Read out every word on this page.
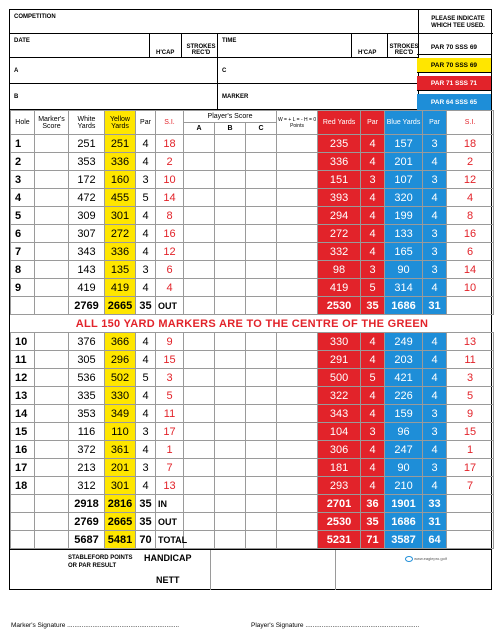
COMPETITION	PLEASE INDICATE WHICH TEE USED.
DATE
H'CAP
STROKES REC'D
TIME
H'CAP
STROKES REC'D
A	C
B	MARKER
PAR 70 SSS 69
PAR 70 SSS 69
PAR 71 SSS 71
PAR 64 SSS 65
Hole	Marker's Score	White Yards	Yellow Yards	Par	S.I.	Player's Score			W = + L = - H = 0 Points	Red Yards	Par	Blue Yards	Par	S.I.
						A	B	C						
1		251	251	4	18					235	4	157	3	18
2		353	336	4	2					336	4	201	4	2
3		172	160	3	10					151	3	107	3	12
4		472	455	5	14					393	4	320	4	4
5		309	301	4	8					294	4	199	4	8
6		307	272	4	16					272	4	133	3	16
7		343	336	4	12					332	4	165	3	6
8		143	135	3	6					98	3	90	3	14
9		419	419	4	4					419	5	314	4	10
		2769	2665	35	OUT					2530	35	1686	31	
ALL 150 YARD MARKERS ARE TO THE CENTRE OF THE GREEN														
10		376	366	4	9					330	4	249	4	13
11		305	296	4	15					291	4	203	4	11
12		536	502	5	3					500	5	421	4	3
13		335	330	4	5					322	4	226	4	5
14		353	349	4	11					343	4	159	3	9
15		116	110	3	17					104	3	96	3	15
16		372	361	4	1					306	4	247	4	1
17		213	201	3	7					181	4	90	3	17
18		312	301	4	13					293	4	210	4	7
		2918	2816	35	IN					2701	36	1901	33	
		2769	2665	35	OUT					2530	35	1686	31	
		5687	5481	70	TOTAL					5231	71	3587	64	
STABLEFORD POINTS OR PAR RESULT
HANDICAP
NETT
www.eaglepro.golf
Marker's Signature ..............................................................	Player's Signature ...............................................................
